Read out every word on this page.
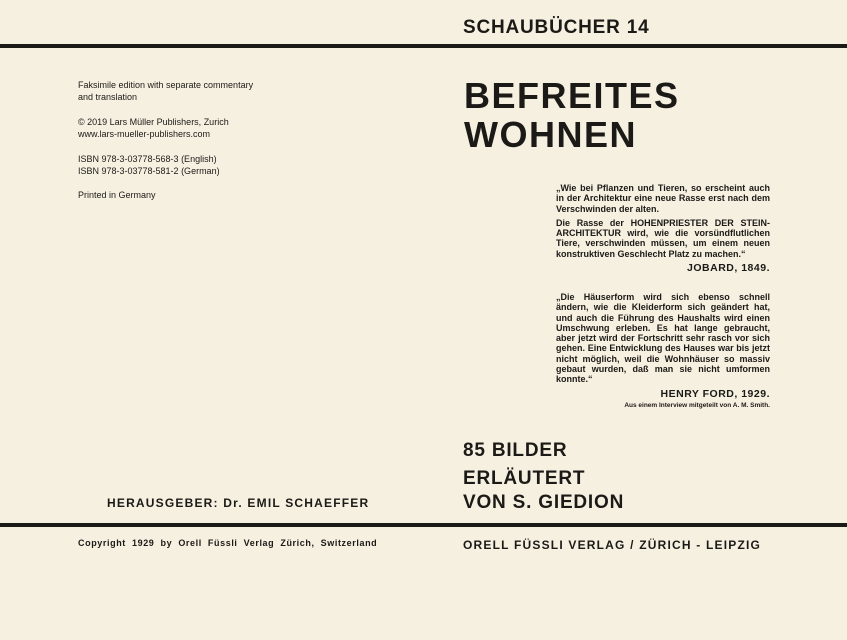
SCHAUBÜCHER 14
BEFREITES
WOHNEN
Faksimile edition with separate commentary
and translation
© 2019 Lars Müller Publishers, Zurich
www.lars-mueller-publishers.com
ISBN 978-3-03778-568-3 (English)
ISBN 978-3-03778-581-2 (German)
Printed in Germany

„Wie bei Pflanzen und Tieren, so erscheint auch in der Architektur eine neue Rasse erst nach dem Verschwinden der alten.

Die Rasse der HOHENPRIESTER DER STEIN-ARCHITEKTUR wird, wie die vorsündflutlichen Tiere, verschwinden müssen, um einem neuen konstruktiven Geschlecht Platz zu machen.“

JOBARD, 1849.

„Die Häuserform wird sich ebenso schnell ändern, wie die Kleiderform sich geändert hat, und auch die Führung des Haushalts wird einen Umschwung erleben. Es hat lange gebraucht, aber jetzt wird der Fortschritt sehr rasch vor sich gehen. Eine Entwicklung des Hauses war bis jetzt nicht möglich, weil die Wohnhäuser so massiv gebaut wurden, daß man sie nicht umformen konnte.“

HENRY FORD, 1929.
Aus einem Interview mitgeteilt von A. M. Smith.
85 BILDER
ERLÄUTERT
VON S. GIEDION
HERAUSGEBER: Dr. EMIL SCHAEFFER
Copyright 1929 by Orell Füssli Verlag Zürich, Switzerland	ORELL FÜSSLI VERLAG / ZÜRICH - LEIPZIG
